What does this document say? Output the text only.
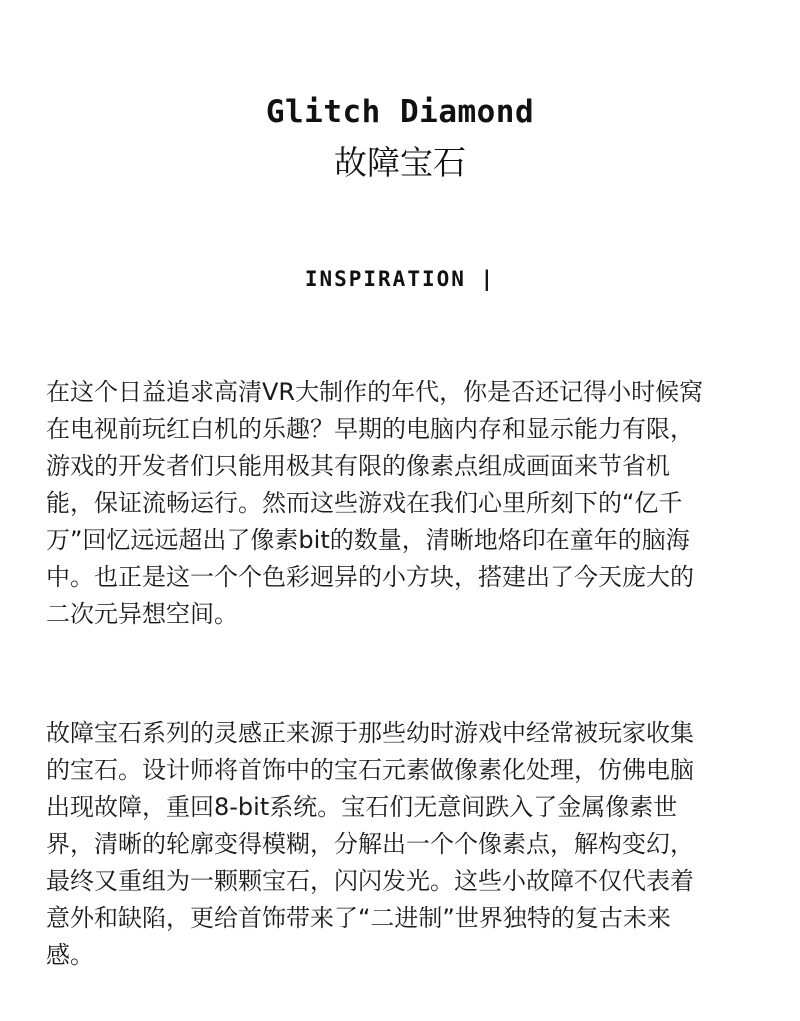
Glitch Diamond
故障宝石
INSPIRATION |

在这个日益追求高清VR大制作的年代，你是否还记得小时候窝
在电视前玩红白机的乐趣？早期的电脑内存和显示能力有限，
游戏的开发者们只能用极其有限的像素点组成画面来节省机
能，保证流畅运行。然而这些游戏在我们心里所刻下的“亿千
万”回忆远远超出了像素bit的数量，清晰地烙印在童年的脑海
中。也正是这一个个色彩迥异的小方块，搭建出了今天庞大的
二次元异想空间。

故障宝石系列的灵感正来源于那些幼时游戏中经常被玩家收集
的宝石。设计师将首饰中的宝石元素做像素化处理，仿佛电脑
出现故障，重回8-bit系统。宝石们无意间跌入了金属像素世
界，清晰的轮廓变得模糊，分解出一个个像素点，解构变幻，
最终又重组为一颗颗宝石，闪闪发光。这些小故障不仅代表着
意外和缺陷，更给首饰带来了“二进制”世界独特的复古未来
感。
